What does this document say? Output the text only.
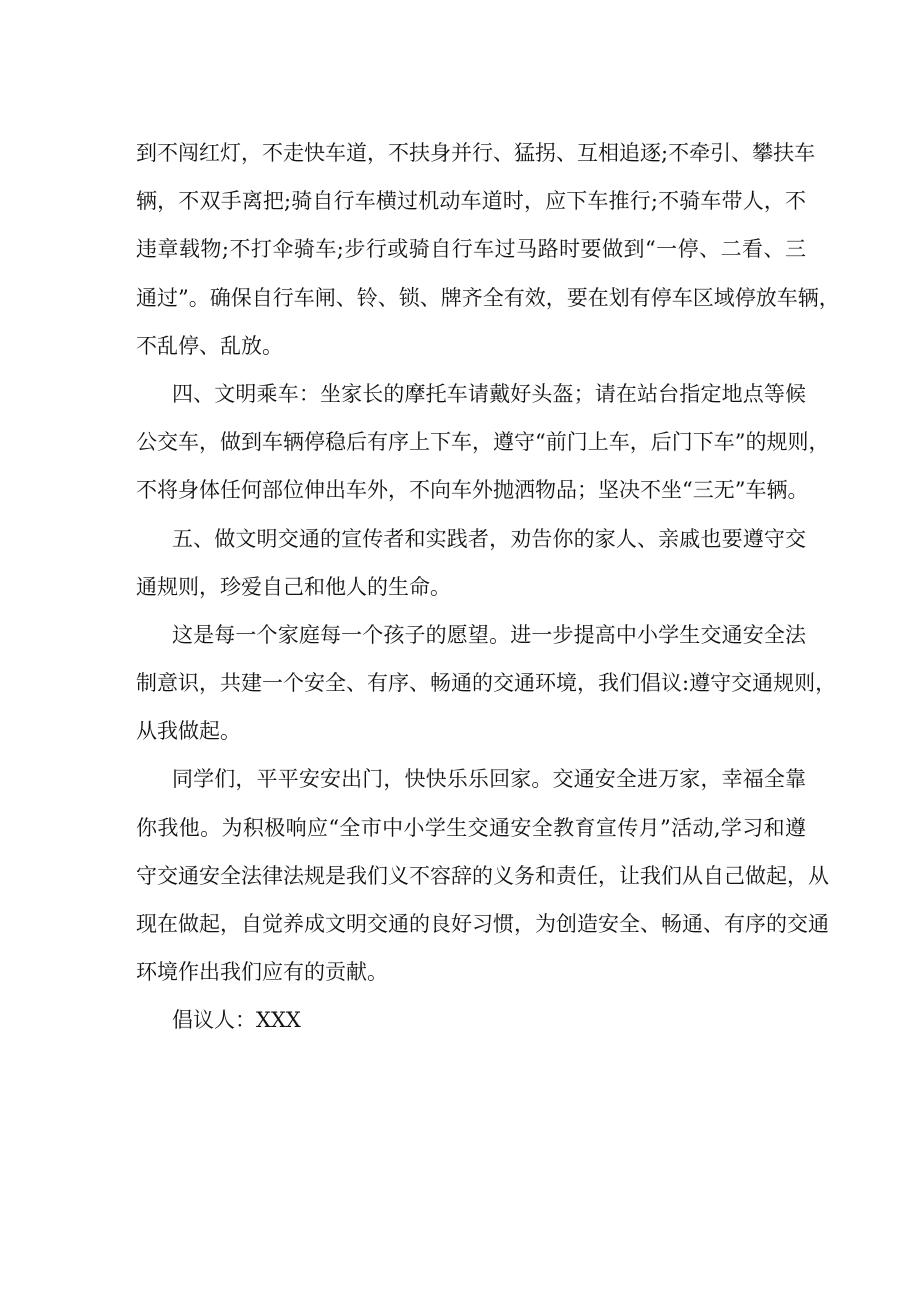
到不闯红灯，不走快车道，不扶身并行、猛拐、互相追逐;不牵引、攀扶车
辆，不双手离把;骑自行车横过机动车道时，应下车推行;不骑车带人，不
违章载物;不打伞骑车;步行或骑自行车过马路时要做到“一停、二看、三
通过”。确保自行车闸、铃、锁、牌齐全有效，要在划有停车区域停放车辆，
不乱停、乱放。
四、文明乘车：坐家长的摩托车请戴好头盔；请在站台指定地点等候
公交车，做到车辆停稳后有序上下车，遵守“前门上车，后门下车”的规则，
不将身体任何部位伸出车外，不向车外抛洒物品；坚决不坐“三无”车辆。
五、做文明交通的宣传者和实践者，劝告你的家人、亲戚也要遵守交
通规则，珍爱自己和他人的生命。
这是每一个家庭每一个孩子的愿望。进一步提高中小学生交通安全法
制意识，共建一个安全、有序、畅通的交通环境，我们倡议:遵守交通规则，
从我做起。
同学们，平平安安出门，快快乐乐回家。交通安全进万家，幸福全靠
你我他。为积极响应“全市中小学生交通安全教育宣传月”活动,学习和遵
守交通安全法律法规是我们义不容辞的义务和责任，让我们从自己做起，从
现在做起，自觉养成文明交通的良好习惯，为创造安全、畅通、有序的交通
环境作出我们应有的贡献。
倡议人：XXX
